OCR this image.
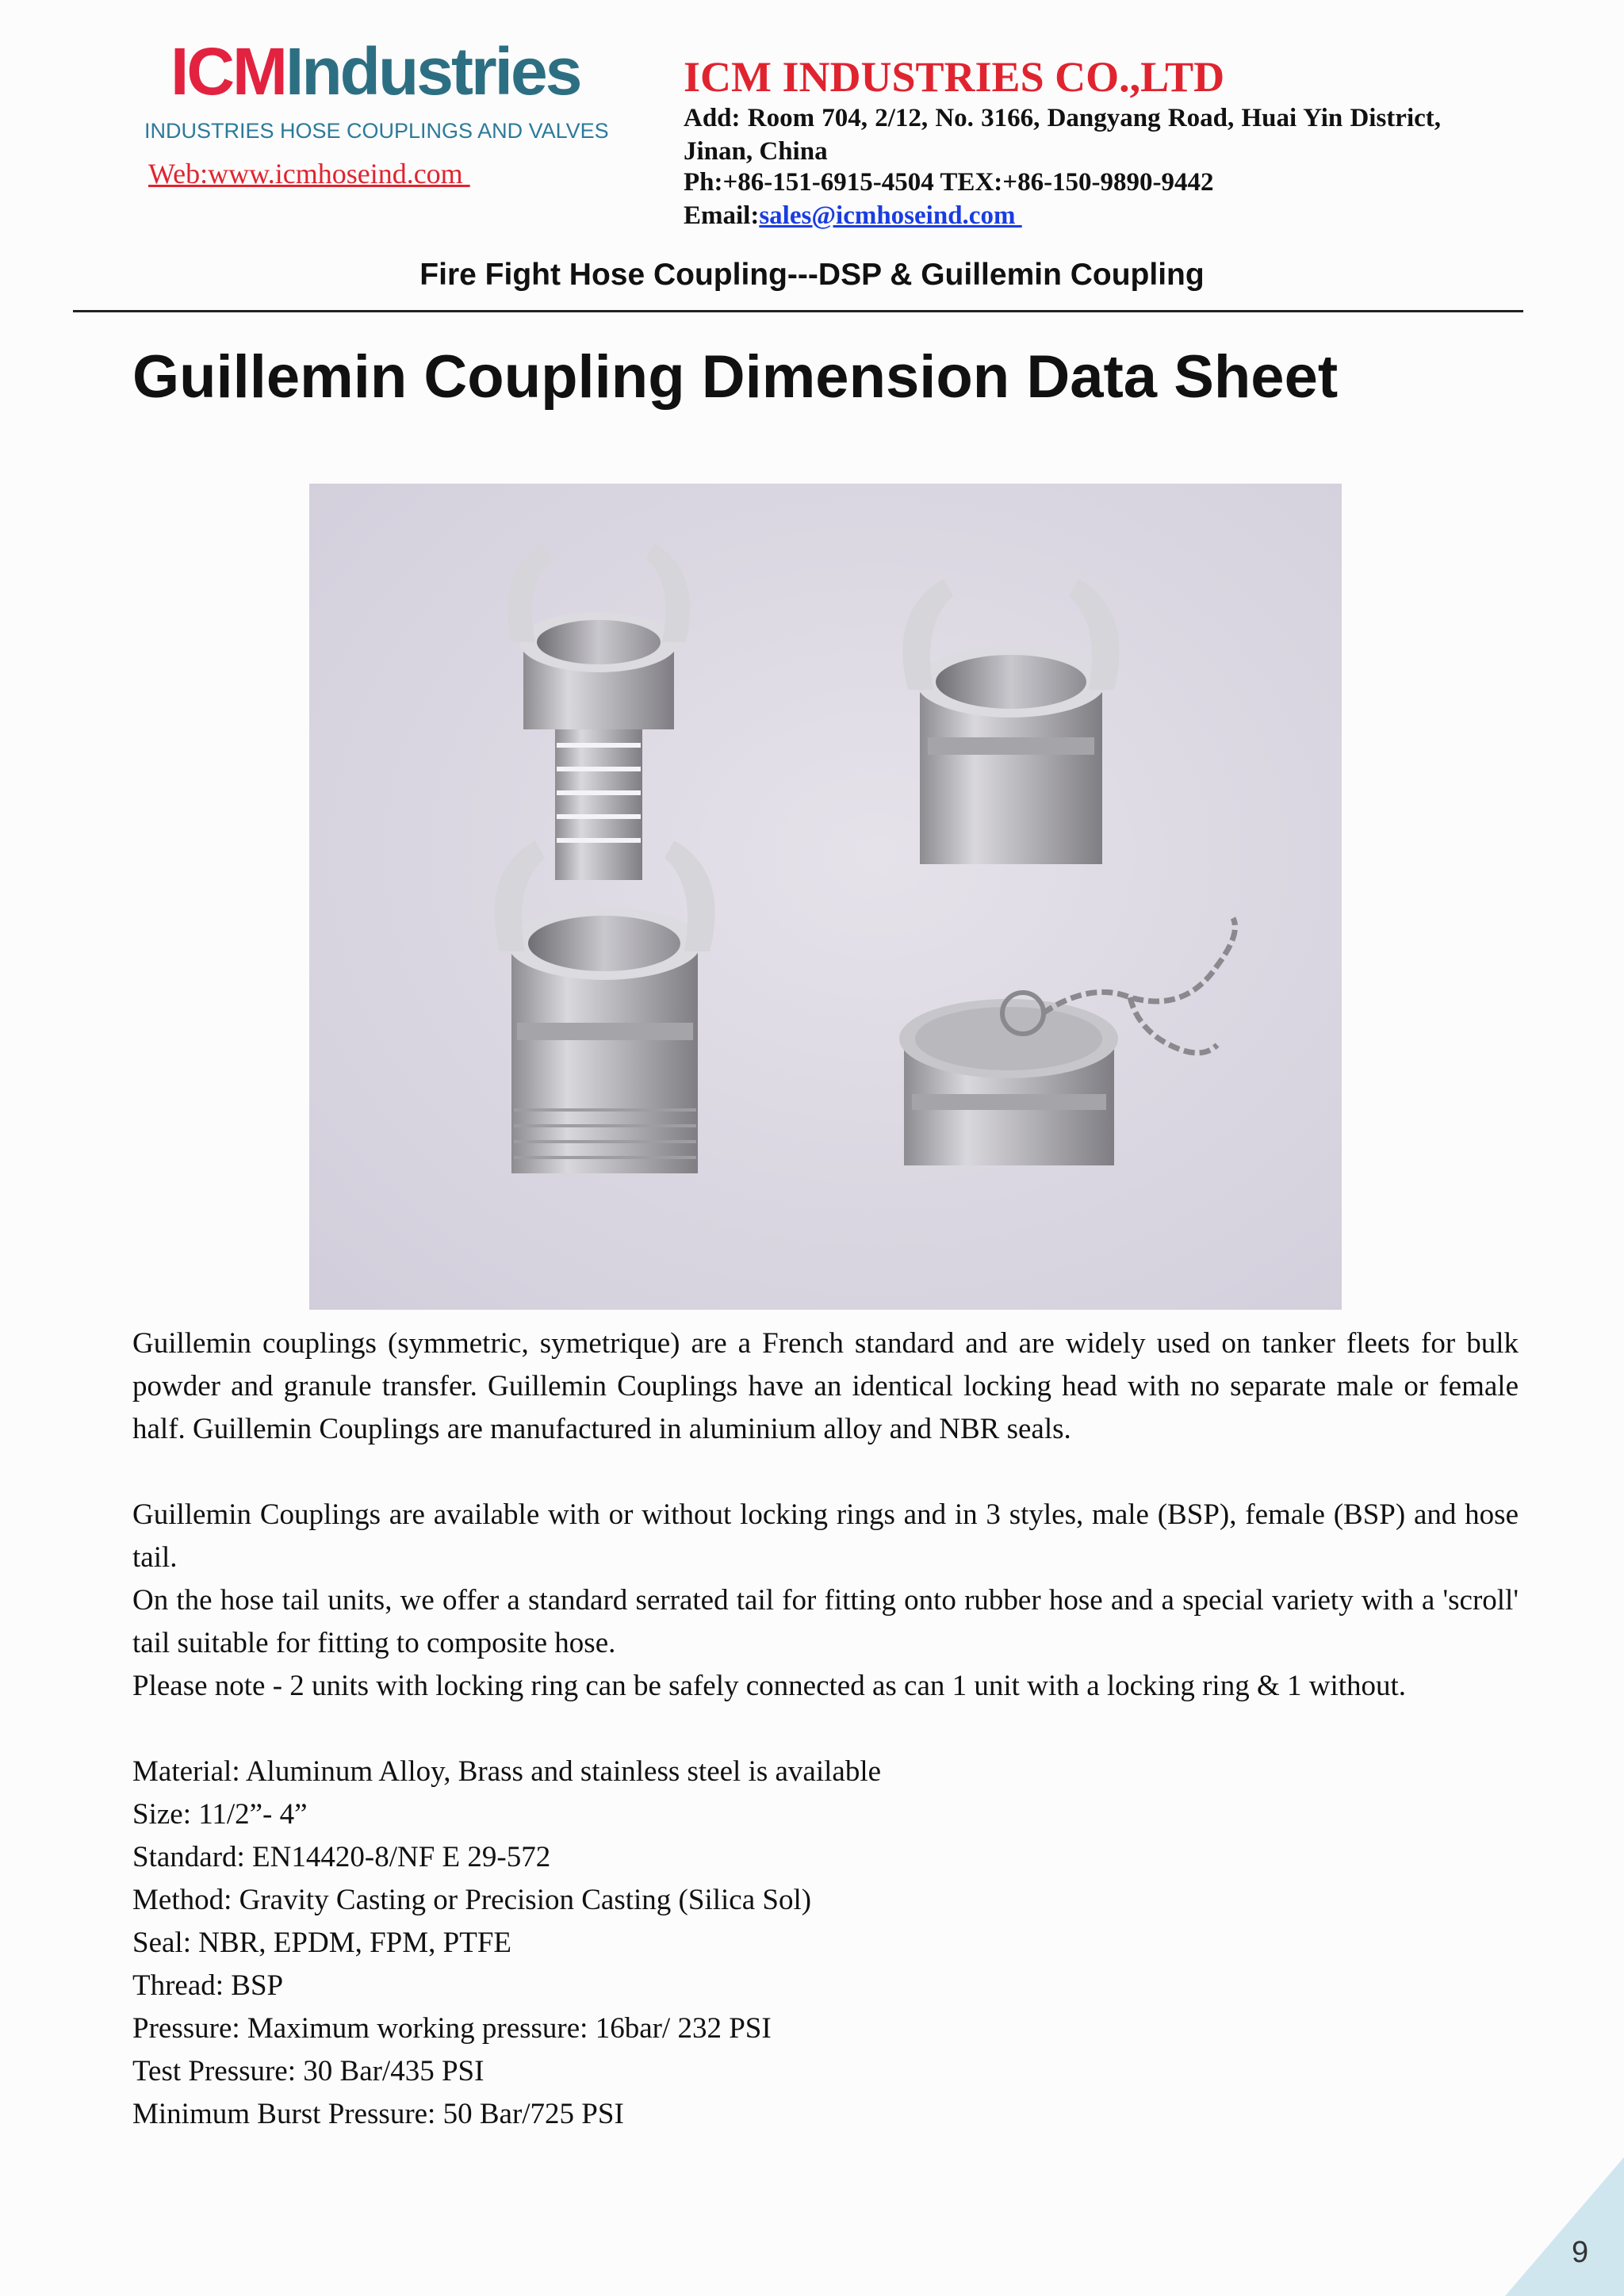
ICMIndustries
INDUSTRIES HOSE COUPLINGS AND VALVES
Web:www.icmhoseind.com
ICM INDUSTRIES CO.,LTD
Add: Room 704, 2/12, No. 3166, Dangyang Road, Huai Yin District, Jinan, China
Ph:+86-151-6915-4504 TEX:+86-150-9890-9442
Email:sales@icmhoseind.com
Fire Fight Hose Coupling---DSP & Guillemin Coupling
Guillemin Coupling Dimension Data Sheet

Guillemin couplings (symmetric, symetrique) are a French standard and are widely used on tanker fleets for bulk powder and granule transfer. Guillemin Couplings have an identical locking head with no separate male or female half. Guillemin Couplings are manufactured in aluminium alloy and NBR seals.

Guillemin Couplings are available with or without locking rings and in 3 styles, male (BSP), female (BSP) and hose tail.

On the hose tail units, we offer a standard serrated tail for fitting onto rubber hose and a special variety with a 'scroll' tail suitable for fitting to composite hose.

Please note - 2 units with locking ring can be safely connected as can 1 unit with a locking ring & 1 without.

Material: Aluminum Alloy, Brass and stainless steel is available

Size: 11/2”- 4”

Standard: EN14420-8/NF E 29-572

Method: Gravity Casting or Precision Casting (Silica Sol)

Seal: NBR, EPDM, FPM, PTFE

Thread: BSP

Pressure: Maximum working pressure: 16bar/ 232 PSI

Test Pressure: 30 Bar/435 PSI

Minimum Burst Pressure: 50 Bar/725 PSI

9
